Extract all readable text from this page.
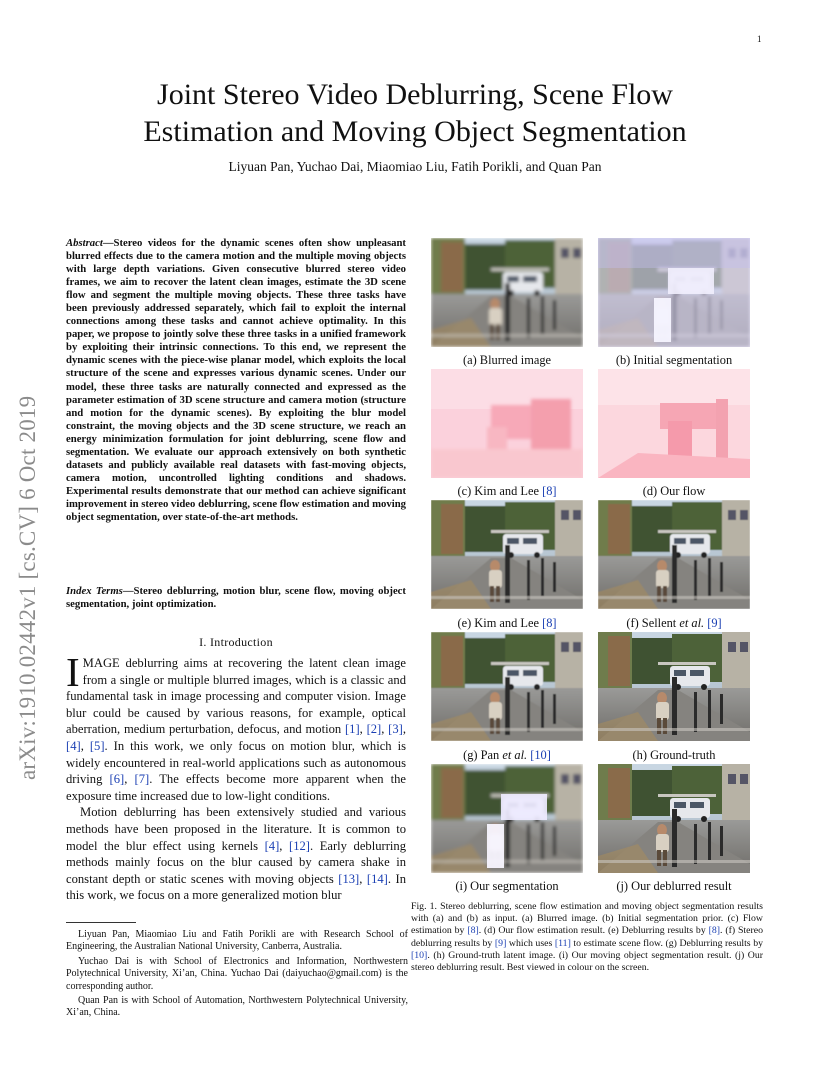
1
arXiv:1910.02442v1 [cs.CV] 6 Oct 2019
Joint Stereo Video Deblurring, Scene Flow
Estimation and Moving Object Segmentation
Liyuan Pan, Yuchao Dai, Miaomiao Liu, Fatih Porikli, and Quan Pan
Abstract—Stereo videos for the dynamic scenes often show unpleasant blurred effects due to the camera motion and the multiple moving objects with large depth variations. Given consecutive blurred stereo video frames, we aim to recover the latent clean images, estimate the 3D scene flow and segment the multiple moving objects. These three tasks have been previously addressed separately, which fail to exploit the internal connections among these tasks and cannot achieve optimality. In this paper, we propose to jointly solve these three tasks in a unified framework by exploiting their intrinsic connections. To this end, we represent the dynamic scenes with the piece-wise planar model, which exploits the local structure of the scene and expresses various dynamic scenes. Under our model, these three tasks are naturally connected and expressed as the parameter estimation of 3D scene structure and camera motion (structure and motion for the dynamic scenes). By exploiting the blur model constraint, the moving objects and the 3D scene structure, we reach an energy minimization formulation for joint deblurring, scene flow and segmentation. We evaluate our approach extensively on both synthetic datasets and publicly available real datasets with fast-moving objects, camera motion, uncontrolled lighting conditions and shadows. Experimental results demonstrate that our method can achieve significant improvement in stereo video deblurring, scene flow estimation and moving object segmentation, over state-of-the-art methods.
Index Terms—Stereo deblurring, motion blur, scene flow, moving object segmentation, joint optimization.
I. Introduction

IMAGE deblurring aims at recovering the latent clean image from a single or multiple blurred images, which is a classic and fundamental task in image processing and computer vision. Image blur could be caused by various reasons, for example, optical aberration, medium perturbation, defocus, and motion [1], [2], [3], [4], [5]. In this work, we only focus on motion blur, which is widely encountered in real-world applications such as autonomous driving [6], [7]. The effects become more apparent when the exposure time increased due to low-light conditions.

Motion deblurring has been extensively studied and various methods have been proposed in the literature. It is common to model the blur effect using kernels [4], [12]. Early deblurring methods mainly focus on the blur caused by camera shake in constant depth or static scenes with moving objects [13], [14]. In this work, we focus on a more generalized motion blur

Liyuan Pan, Miaomiao Liu and Fatih Porikli are with Research School of Engineering, the Australian National University, Canberra, Australia.

Yuchao Dai is with School of Electronics and Information, Northwestern Polytechnical University, Xi’an, China. Yuchao Dai (daiyuchao@gmail.com) is the corresponding author.

Quan Pan is with School of Automation, Northwestern Polytechnical University, Xi’an, China.

(a) Blurred image	(b) Initial segmentation
(c) Kim and Lee [8]	(d) Our flow
(e) Kim and Lee [8]	(f) Sellent et al. [9]
(g) Pan et al. [10]	(h) Ground-truth
(i) Our segmentation	(j) Our deblurred result
Fig. 1. Stereo deblurring, scene flow estimation and moving object segmentation results with (a) and (b) as input. (a) Blurred image. (b) Initial segmentation prior. (c) Flow estimation by [8]. (d) Our flow estimation result. (e) Deblurring results by [8]. (f) Stereo deblurring results by [9] which uses [11] to estimate scene flow. (g) Deblurring results by [10]. (h) Ground-truth latent image. (i) Our moving object segmentation result. (j) Our stereo deblurring result. Best viewed in colour on the screen.
